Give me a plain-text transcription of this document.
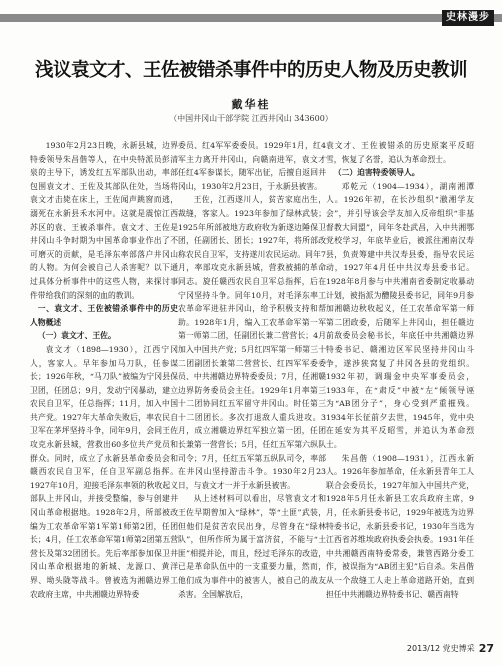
史林漫步
浅议袁文才、王佐被错杀事件中的历史人物及历史教训
戴华桂
（中国井冈山干部学院 江西井冈山 343600）

1930年2月23日晚，永新县城，边界特委领导朱昌偕等人，在中央特派员彭清泉的主导下，诱发红五军部队出动，率部包围袁文才、王佐及其部队住处，当场将袁文才击毙在床上，王佐闻声跳窗而逃，溺死在永新县禾水河中。这就是震惊江西苏区的袁、王被杀事件。袁文才、王佐是井冈山斗争时期为中国革命事业作出了不可磨灭的贡献，是毛泽东率部落户井冈山的人物。为何会被自己人杀害呢？以下通过具体分析事件中的这些人物，来探讨事件带给我们的深刻的血的教训。

一、袁文才、王佐被错杀事件中的历史人物概述

（一）袁文才、王佐。

袁文才（1898—1930），江西宁冈人，客家人。早年参加马刀队，任参谋长；1926年秋，“马刀队”被编为宁冈县保卫团，任团总；9月，发动宁冈暴动，建立农民自卫军，任总指挥；11月，加入中国共产党。1927年大革命失败后，率农民自卫军在茅坪坚持斗争，同年9月，会同王佐攻克永新县城，营救出60多位共产党员和群众。同时，成立了永新县革命委员会和赣西农民自卫军，任自卫军副总指挥。1927年10月，迎接毛泽东率领的秋收起义部队上井冈山，并接受整编，参与创建井冈山革命根据地。1928年2月，所部被改编为工农革命军第1军第1师第2团，任团长；4月，任工农革命军第1师第2团第五营营长及第32团团长。先后率部参加保卫井冈山革命根据地的新城、龙源口、黄洋界、坳头陇等战斗。曾被选为湘赣边界工农政府主席，中共湘赣边界特委

委员、红4军军委委员。1929年1月，红4军主力离开井冈山，向赣南进军，袁文才任红4军参谋长，随军出征，后擅自返回井冈山，1930年2月23日，于永新县被害。

王佐，江西遂川人，贫苦家庭出生，裁缝，客家人。1923年参加了绿林武装；1925年所部被地方政府收为新遂边陲保卫团，任副团长、团长；1927年，将所部改称农民自卫军，支持遂川农民运动。同年7月，率部攻克永新县城，营救被捕的革命同志。旋任赣西农民自卫军总指挥，后在宁冈坚持斗争。同年10月，对毛泽东率工农革命军进驻井冈山，给予积极支持和帮助。1928年1月，编入工农革命军第一军第一师第二团，任副团长兼二营营长；4月加入中国共产党；5月红四军第一师第三十二团副团长兼第二营营长、红四军军委委员、中共湘赣边界特委委员；7月，任湘赣边界防务委员会主任。1929年1月率第三十二团协同红五军留守井冈山。时任第三十二团团长。多次打退敌人重兵进攻。3月，成立湘赣边界红军独立第一团，任团长兼第一营营长；5月，任红五军第六纵队司令；7月，任红五军第五纵队司令，率部在井冈山坚持游击斗争。1930年2月23日，与袁文才一并于永新县被害。

从上述材料可以看出，尽管袁文才和王佐早期曾加入“绿林”，等“土匪”武装，但他们是贫苦农民出身，尽管身在“绿林队”，但所作所为属于富济贫，不能与“土匪”相提并论，而且，经过毛泽东的改造，已是革命队伍中的一支重要力量，然而，他们成为事件中的被害人，被自己的战友杀害。全国解放后，

袁文才、王佐被错杀的历史原案平反昭雪，恢复了名誉，追认为革命烈士。

（二）迫害特委领导人。

邓乾元（1904—1934），湖南湘潭人。1926年初，在长沙组织“澈湘学友会”，并引导该会学友加入反帝组织“非基督教大同盟”，同年冬赴武昌，入中共湘鄂党校学习，年底毕业后，被派往湘南汉寿县，负责筹建中共汉寿县委，指导农民运动，1927年4月任中共汉寿县委书记。1928年8月参与中共湘南省委制定收暴动计划，被指派为醴陵县委书记，同年9月参加湘赣边秋收起义，任工农革命军第一师第二团政委，后随军上井冈山，担任赣边前敌委员会秘书长，年底任中共湘赣边界特委书记、赣湘边区军民坚持井冈山斗争，遂涉狭窝复了井冈各县的党组织。1932年初，调瑞金中央军事委员会，1933年，在“肃反”中被“左”倾领导诬为“AB团分子”，身心受到严重摧残。1934年长征前夕去世，1945年，党中央在延安为其平反昭雪，并追认为革命烈士。

朱昌偕（1908—1931），江西永新人。1926年参加革命，任永新县青年工人联合会委员长，1927年加入中国共产党，1928年5月任永新县工农兵政府主席，9月，任永新县委书记，1929年被选为边界特委书记，永新县委书记，1930年当选为江西省苏维埃政府执委会执委。1931年任中共湘赣西南特委常委，兼管西路分委工作，被误指为“AB团主犯”后自杀。朱昌偕从一个敌缝工人走上革命道路开始，直到担任中共湘赣边界特委书记、赣西南特

2013/12 党史博采 27
